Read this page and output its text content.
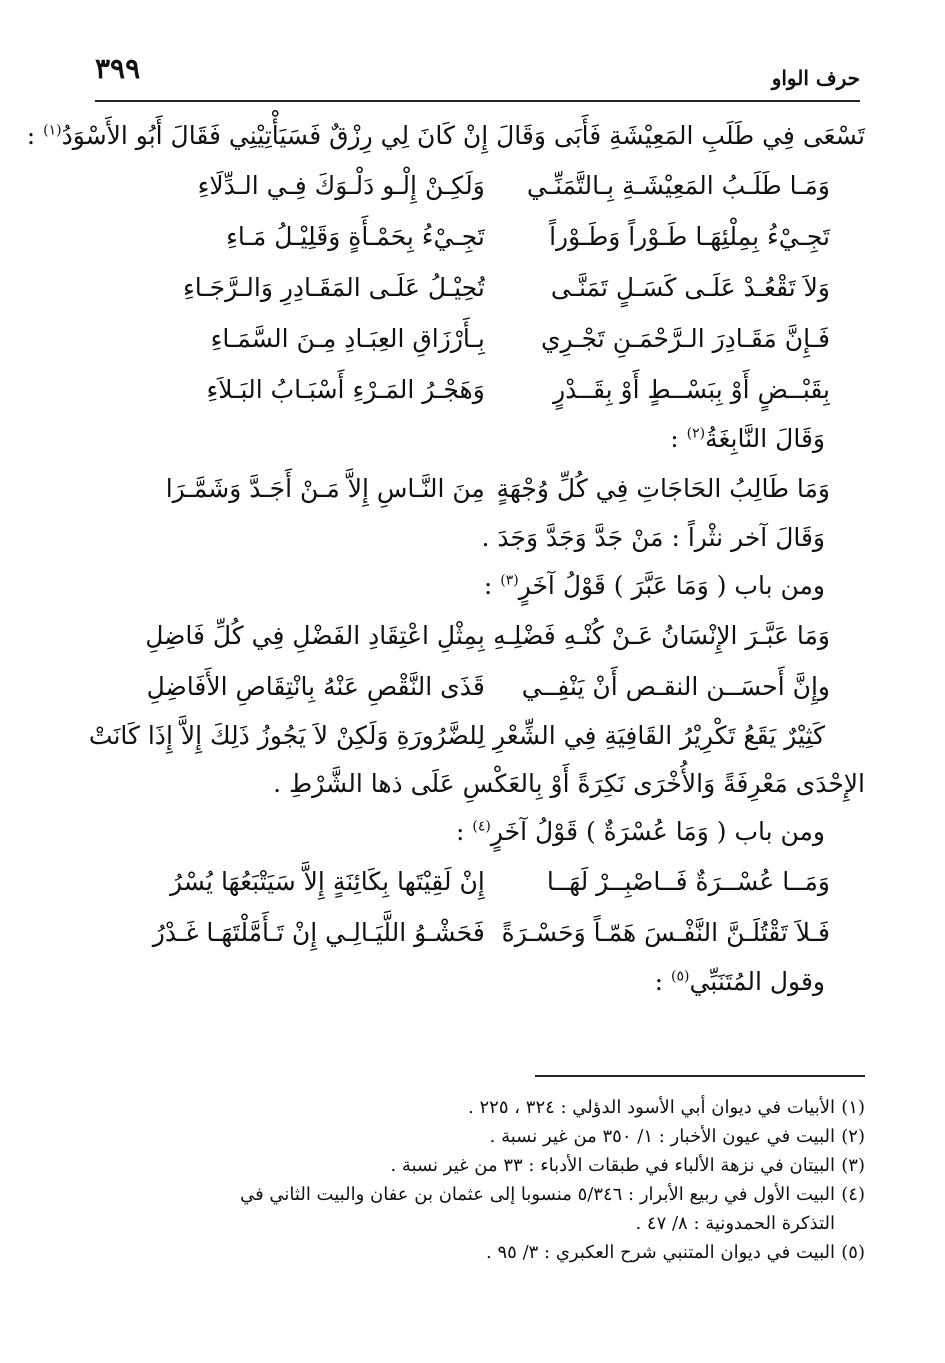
حرف الواو
٣٩٩
تَسْعَى فِي طَلَبِ المَعِيْشَةِ فَأَبَى وَقَالَ إِنْ كَانَ لِي رِزْقٌ فَسَيَأْتِيْنِي فَقَالَ أَبُو الأَسْوَدُ$^{(١)}$ :
وَمَـا طَلَـبُ المَعِيْشَـةِ بِـالتَّمَنِّـي
وَلَكِـنْ إِلْـو دَلْـوَكَ فِـي الـدِّلَاءِ
تَجِـيْءُ بِمِلْئِهَـا طَـوْراً وَطَـوْراً
تَجِـيْءُ بِحَمْـأَةٍ وَقَلِيْـلُ مَـاءِ
وَلاَ تَقْعُـدْ عَلَـى كَسَـلٍ تَمَنَّـى
تُحِيْـلُ عَلَـى المَقَـادِرِ وَالـرَّجَـاءِ
فَـإِنَّ مَقَـادِرَ الـرَّحْمَـنِ تَجْـرِي
بِـأَرْزَاقِ العِبَـادِ مِـنَ السَّمَـاءِ
بِقَبْــضٍ أَوْ بِبَسْــطٍ أَوْ بِقَــدْرٍ
وَهَجْـرُ المَـرْءِ أَسْبَـابُ البَـلاَءِ
وَقَالَ النَّابِغَةُ$^{(٢)}$ :
وَمَا طَالِبُ الحَاجَاتِ فِي كُلِّ وُجْهَةٍ
مِنَ النَّـاسِ إِلاَّ مَـنْ أَجَـدَّ وَشَمَّـرَا
وَقَالَ آخر نثْراً : مَنْ جَدَّ وَجَدَّ وَجَدَ .
ومن باب ( وَمَا عَبَّرَ ) قَوْلُ آخَرٍ$^{(٣)}$ :
وَمَا عَبَّـرَ الإِنْسَانُ عَـنْ كُنْـهِ فَضْلِـهِ
بِمِثْلِ اعْتِقَادِ الفَضْلِ فِي كُلِّ فَاضِلِ
وإِنَّ أَحسَــن النقـص أَنْ يَنْفِــي
قَذَى النَّقْصِ عَنْهُ بِانْتِقَاصِ الأَفَاضِلِ
كَثِيْرٌ يَقَعُ تَكْرِيْرُ القَافِيَةِ فِي الشِّعْرِ لِلضَّرُورَةِ وَلَكِنْ لاَ يَجُوزُ ذَلِكَ إِلاَّ إِذَا كَانَتْ
الإِحْدَى مَعْرِفَةً وَالأُخْرَى نَكِرَةً أَوْ بِالعَكْسِ عَلَى ذها الشَّرْطِ .
ومن باب ( وَمَا عُسْرَةٌ ) قَوْلُ آخَرٍ$^{(٤)}$ :
وَمَــا عُسْــرَةٌ فَــاصْبِــرْ لَهَــا
إِنْ لَقِيْتَها بِكَائِنَةٍ إِلاَّ سَيَتْبَعُهَا يُسْرُ
فَـلاَ تَقْتُلَـنَّ النَّفْـسَ هَمّـاً وَحَسْـرَةً
فَحَشْـوُ اللَّيَـالِـي إِنْ تَـأَمَّلْتَهَـا غَـدْرُ
وقول المُتَنَبِّي$^{(٥)}$ :
(١)الأبيات في ديوان أبي الأسود الدؤلي : ٣٢٤ ، ٢٢٥ .
(٢)البيت في عيون الأخبار : ١/ ٣٥٠ من غير نسبة .
(٣)البيتان في نزهة الألباء في طبقات الأدباء : ٣٣ من غير نسبة .
(٤)البيت الأول في ربيع الأبرار : ٥/٣٤٦ منسوبا إلى عثمان بن عفان والبيت الثاني في
التذكرة الحمدونية : ٨/ ٤٧ .
(٥)البيت في ديوان المتنبي شرح العكبري : ٣/ ٩٥ .
